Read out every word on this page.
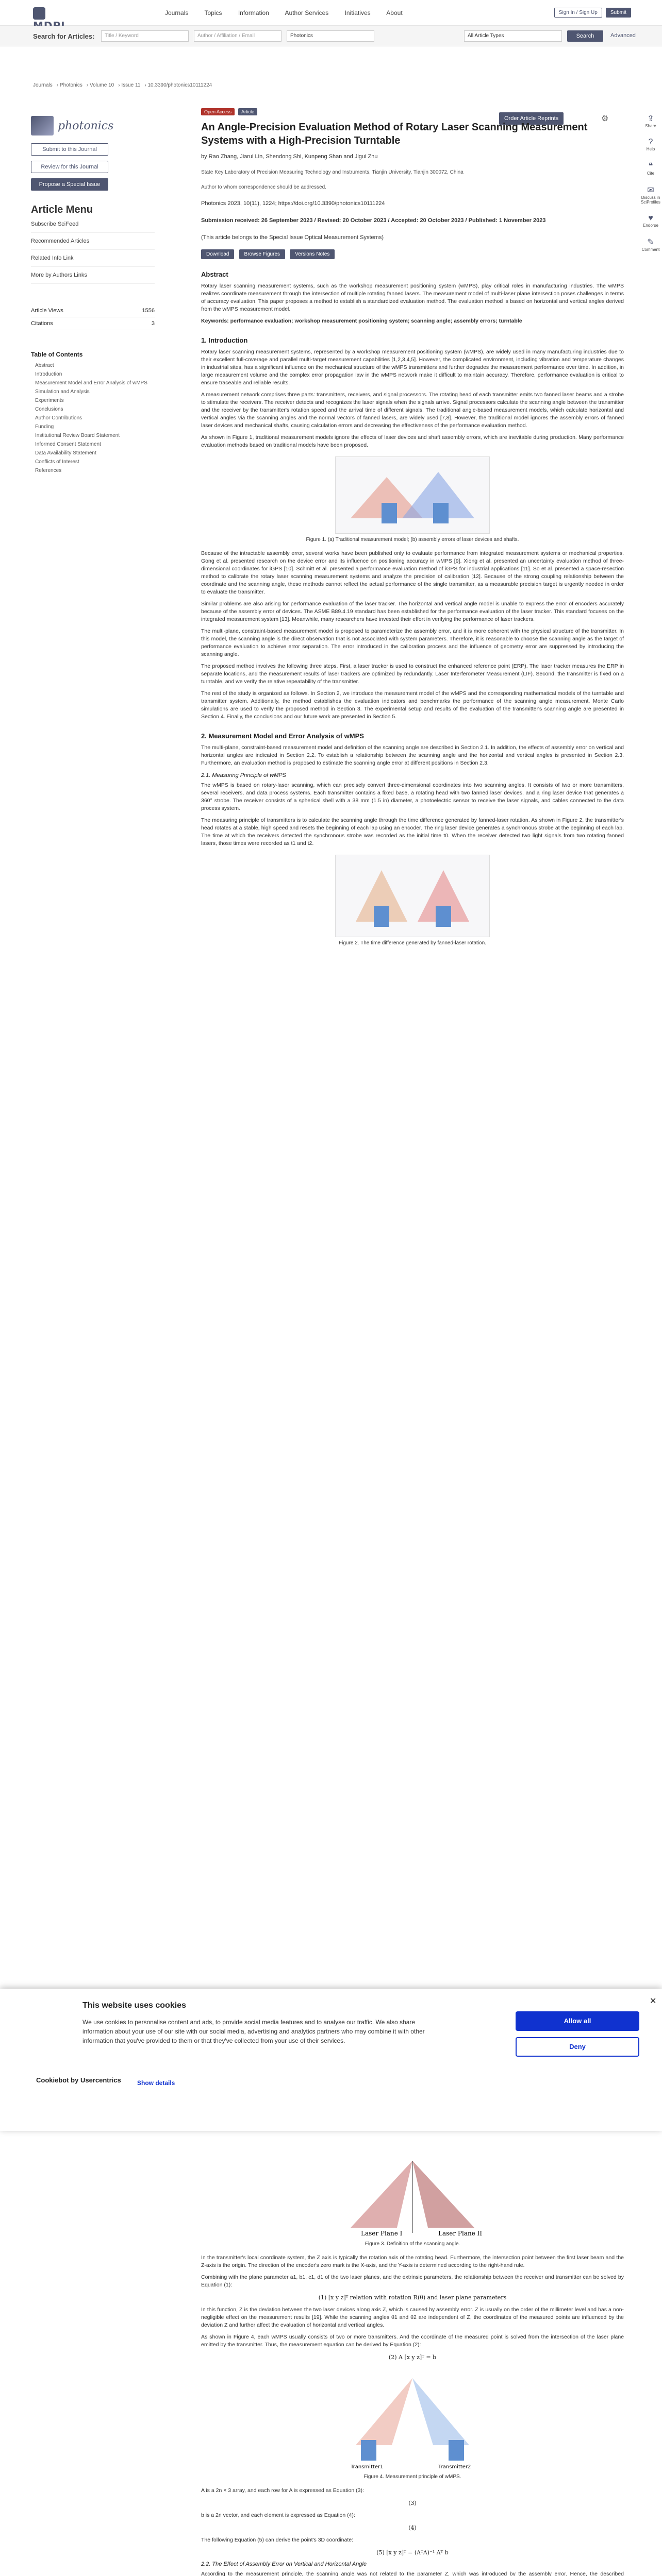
Journals	Topics	Information	Author Services	Initiatives	About	Sign In / Sign Up	Submit
Search for Articles:	Title / Keyword	Author / Affiliation / Email	Photonics	All Article Types	Search	Advanced
Journals › Photonics › Volume 10 › Issue 11 › 10.3390/photonics10111224
photonics
Submit to this Journal
Review for this Journal
Propose a Special Issue
Article Menu
Subscribe SciFeed
Recommended Articles
Related Info Link
More by Authors Links
Article Views	1556
Citations	3
Table of Contents
Abstract
Introduction
Measurement Model and Error Analysis of wMPS
Simulation and Analysis
Experiments
Conclusions
Author Contributions
Funding
Institutional Review Board Statement
Informed Consent Statement
Data Availability Statement
Conflicts of Interest
References
Order Article Reprints	⚙	⇪
Share
?
Help
❝
Cite
✉
Discuss in SciProfiles
♥
Endorse
✎
Comment
Open Access Article
An Angle-Precision Evaluation Method of Rotary Laser Scanning Measurement Systems with a High-Precision Turntable
by Rao Zhang, Jiarui Lin, Shendong Shi, Kunpeng Shan and Jigui Zhu
State Key Laboratory of Precision Measuring Technology and Instruments, Tianjin University, Tianjin 300072, China
Author to whom correspondence should be addressed.
Photonics 2023, 10(11), 1224; https://doi.org/10.3390/photonics10111224
Submission received: 26 September 2023 / Revised: 20 October 2023 / Accepted: 20 October 2023 / Published: 1 November 2023
(This article belongs to the Special Issue Optical Measurement Systems)
Download	Browse Figures	Versions Notes
Abstract
Rotary laser scanning measurement systems, such as the workshop measurement positioning system (wMPS), play critical roles in manufacturing industries. The wMPS realizes coordinate measurement through the intersection of multiple rotating fanned lasers. The measurement model of multi-laser plane intersection poses challenges in terms of accuracy evaluation. This paper proposes a method to establish a standardized evaluation method. The evaluation method is based on horizontal and vertical angles derived from the wMPS measurement model.
Keywords: performance evaluation; workshop measurement positioning system; scanning angle; assembly errors; turntable
1. Introduction
Rotary laser scanning measurement systems, represented by a workshop measurement positioning system (wMPS), are widely used in many manufacturing industries due to their excellent full-coverage and parallel multi-target measurement capabilities [1,2,3,4,5]. However, the complicated environment, including vibration and temperature changes in industrial sites, has a significant influence on the mechanical structure of the wMPS transmitters and further degrades the measurement performance over time. In addition, in large measurement volume and the complex error propagation law in the wMPS network make it difficult to maintain accuracy. Therefore, performance evaluation is critical to ensure traceable and reliable results.
A measurement network comprises three parts: transmitters, receivers, and signal processors. The rotating head of each transmitter emits two fanned laser beams and a strobe to stimulate the receivers. The receiver detects and recognizes the laser signals when the signals arrive. Signal processors calculate the scanning angle between the transmitter and the receiver by the transmitter's rotation speed and the arrival time of different signals. The traditional angle-based measurement models, which calculate horizontal and vertical angles via the scanning angles and the normal vectors of fanned lasers, are widely used [7,8]. However, the traditional model ignores the assembly errors of fanned laser devices and mechanical shafts, causing calculation errors and decreasing the effectiveness of the performance evaluation method.
As shown in Figure 1, traditional measurement models ignore the effects of laser devices and shaft assembly errors, which are inevitable during production. Many performance evaluation methods based on traditional models have been proposed.
Figure 1. (a) Traditional measurement model; (b) assembly errors of laser devices and shafts.
Because of the intractable assembly error, several works have been published only to evaluate performance from integrated measurement systems or mechanical properties. Gong et al. presented research on the device error and its influence on positioning accuracy in wMPS [9]. Xiong et al. presented an uncertainty evaluation method of three-dimensional coordinates for iGPS [10]. Schmitt et al. presented a performance evaluation method of iGPS for industrial applications [11]. So et al. presented a space-resection method to calibrate the rotary laser scanning measurement systems and analyze the precision of calibration [12]. Because of the strong coupling relationship between the coordinate and the scanning angle, these methods cannot reflect the actual performance of the single transmitter, as a measurable precision target is urgently needed in order to evaluate the transmitter.
Similar problems are also arising for performance evaluation of the laser tracker. The horizontal and vertical angle model is unable to express the error of encoders accurately because of the assembly error of devices. The ASME B89.4.19 standard has been established for the performance evaluation of the laser tracker. This standard focuses on the integrated measurement system [13]. Meanwhile, many researchers have invested their effort in verifying the performance of laser trackers.
The multi-plane, constraint-based measurement model is proposed to parameterize the assembly error, and it is more coherent with the physical structure of the transmitter. In this model, the scanning angle is the direct observation that is not associated with system parameters. Therefore, it is reasonable to choose the scanning angle as the target of performance evaluation to achieve error separation. The error introduced in the calibration process and the influence of geometry error are suppressed by introducing the scanning angle.
The proposed method involves the following three steps. First, a laser tracker is used to construct the enhanced reference point (ERP). The laser tracker measures the ERP in separate locations, and the measurement results of laser trackers are optimized by redundantly. Laser Interferometer Measurement (LIF). Second, the transmitter is fixed on a turntable, and we verify the relative repeatability of the transmitter.
The rest of the study is organized as follows. In Section 2, we introduce the measurement model of the wMPS and the corresponding mathematical models of the turntable and transmitter system. Additionally, the method establishes the evaluation indicators and benchmarks the performance of the scanning angle measurement. Monte Carlo simulations are used to verify the proposed method in Section 3. The experimental setup and results of the evaluation of the transmitter's scanning angle are presented in Section 4. Finally, the conclusions and our future work are presented in Section 5.
2. Measurement Model and Error Analysis of wMPS
The multi-plane, constraint-based measurement model and definition of the scanning angle are described in Section 2.1. In addition, the effects of assembly error on vertical and horizontal angles are indicated in Section 2.2. To establish a relationship between the scanning angle and the horizontal and vertical angles is presented in Section 2.3. Furthermore, an evaluation method is proposed to estimate the scanning angle error at different positions in Section 2.3.
2.1. Measuring Principle of wMPS
The wMPS is based on rotary-laser scanning, which can precisely convert three-dimensional coordinates into two scanning angles. It consists of two or more transmitters, several receivers, and data process systems. Each transmitter contains a fixed base, a rotating head with two fanned laser devices, and a ring laser device that generates a 360° strobe. The receiver consists of a spherical shell with a 38 mm (1.5 in) diameter, a photoelectric sensor to receive the laser signals, and cables connected to the data process system.
The measuring principle of transmitters is to calculate the scanning angle through the time difference generated by fanned-laser rotation. As shown in Figure 2, the transmitter's head rotates at a stable, high speed and resets the beginning of each lap using an encoder. The ring laser device generates a synchronous strobe at the beginning of each lap. The time at which the receivers detected the synchronous strobe was recorded as the initial time t0. When the receiver detected two light signals from two rotating fanned lasers, those times were recorded as t1 and t2.
Figure 2. The time difference generated by fanned-laser rotation.
✕
This website uses cookies
We use cookies to personalise content and ads, to provide social media features and to analyse our traffic. We also share information about your use of our site with our social media, advertising and analytics partners who may combine it with other information that you've provided to them or that they've collected from your use of their services.
Allow all
Deny
Cookiebot by Usercentrics	Show details
Laser Plane I	Laser Plane II
Figure 3. Definition of the scanning angle.
In the transmitter's local coordinate system, the Z axis is typically the rotation axis of the rotating head. Furthermore, the intersection point between the first laser beam and the Z-axis is the origin. The direction of the encoder's zero mark is the X-axis, and the Y-axis is determined according to the right-hand rule.
Combining with the plane parameter a1, b1, c1, d1 of the two laser planes, and the extrinsic parameters, the relationship between the receiver and transmitter can be solved by Equation (1):
(1) [x y z]ᵀ relation with rotation R(θ) and laser plane parameters
In this function, Z is the deviation between the two laser devices along axis Z, which is caused by assembly error. Z is usually on the order of the millimeter level and has a non-negligible effect on the measurement results [19]. While the scanning angles θ1 and θ2 are independent of Z, the coordinates of the measured points are influenced by the deviation Z and further affect the evaluation of horizontal and vertical angles.
As shown in Figure 4, each wMPS usually consists of two or more transmitters. And the coordinate of the measured point is solved from the intersection of the laser plane emitted by the transmitter. Thus, the measurement equation can be derived by Equation (2):
(2) A [x y z]ᵀ = b
Transmitter1	Transmitter2
Figure 4. Measurement principle of wMPS.
A is a 2n × 3 array, and each row for A is expressed as Equation (3):
(3)
b is a 2n vector, and each element is expressed as Equation (4):
(4)
The following Equation (5) can derive the point's 3D coordinate:
(5) [x y z]ᵀ = (AᵀA)⁻¹ Aᵀ b
2.2. The Effect of Assembly Error on Vertical and Horizontal Angle
According to the measurement principle, the scanning angle was not related to the parameter Z, which was introduced by the assembly error. Hence, the described
